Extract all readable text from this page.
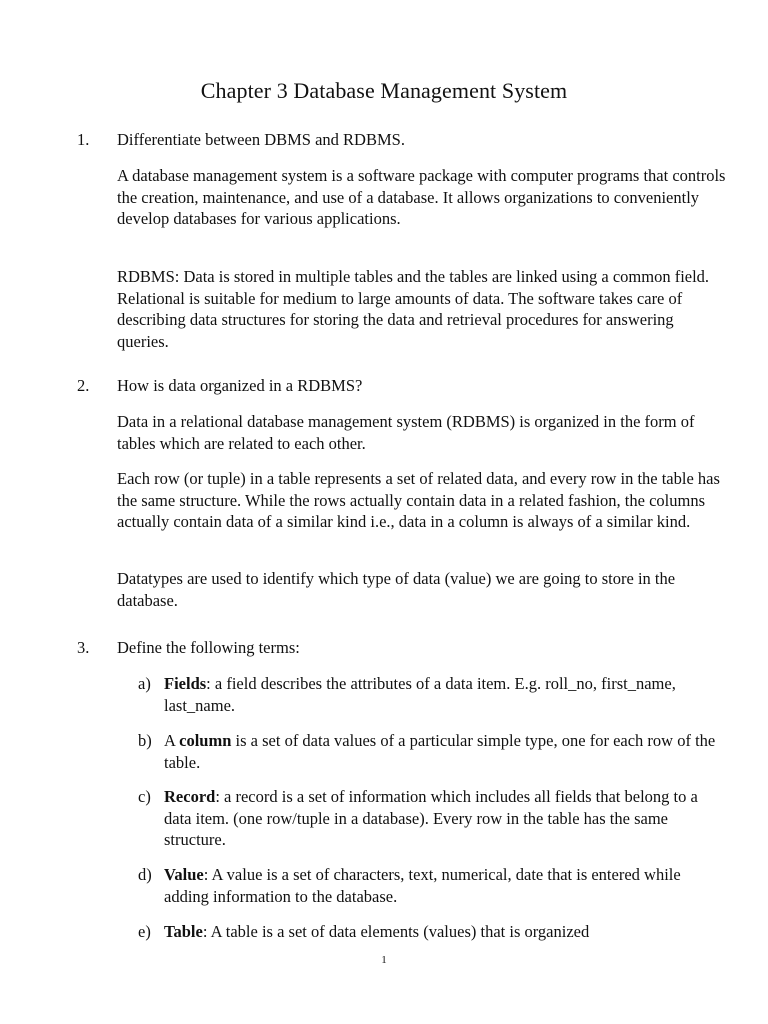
Chapter 3 Database Management System
1. Differentiate between DBMS and RDBMS.

A database management system is a software package with computer programs that controls the creation, maintenance, and use of a database. It allows organizations to conveniently develop databases for various applications.

RDBMS: Data is stored in multiple tables and the tables are linked using a common field. Relational is suitable for medium to large amounts of data. The software takes care of describing data structures for storing the data and retrieval procedures for answering queries.

2. How is data organized in a RDBMS?

Data in a relational database management system (RDBMS) is organized in the form of tables which are related to each other.

Each row (or tuple) in a table represents a set of related data, and every row in the table has the same structure. While the rows actually contain data in a related fashion, the columns actually contain data of a similar kind i.e., data in a column is always of a similar kind.

Datatypes are used to identify which type of data (value) we are going to store in the database.

3. Define the following terms:
a) Fields: a field describes the attributes of a data item. E.g. roll_no, first_name, last_name.
b) A column is a set of data values of a particular simple type, one for each row of the table.
c) Record: a record is a set of information which includes all fields that belong to a data item. (one row/tuple in a database). Every row in the table has the same structure.
d) Value: A value is a set of characters, text, numerical, date that is entered while adding information to the database.
e) Table: A table is a set of data elements (values) that is organized
1
